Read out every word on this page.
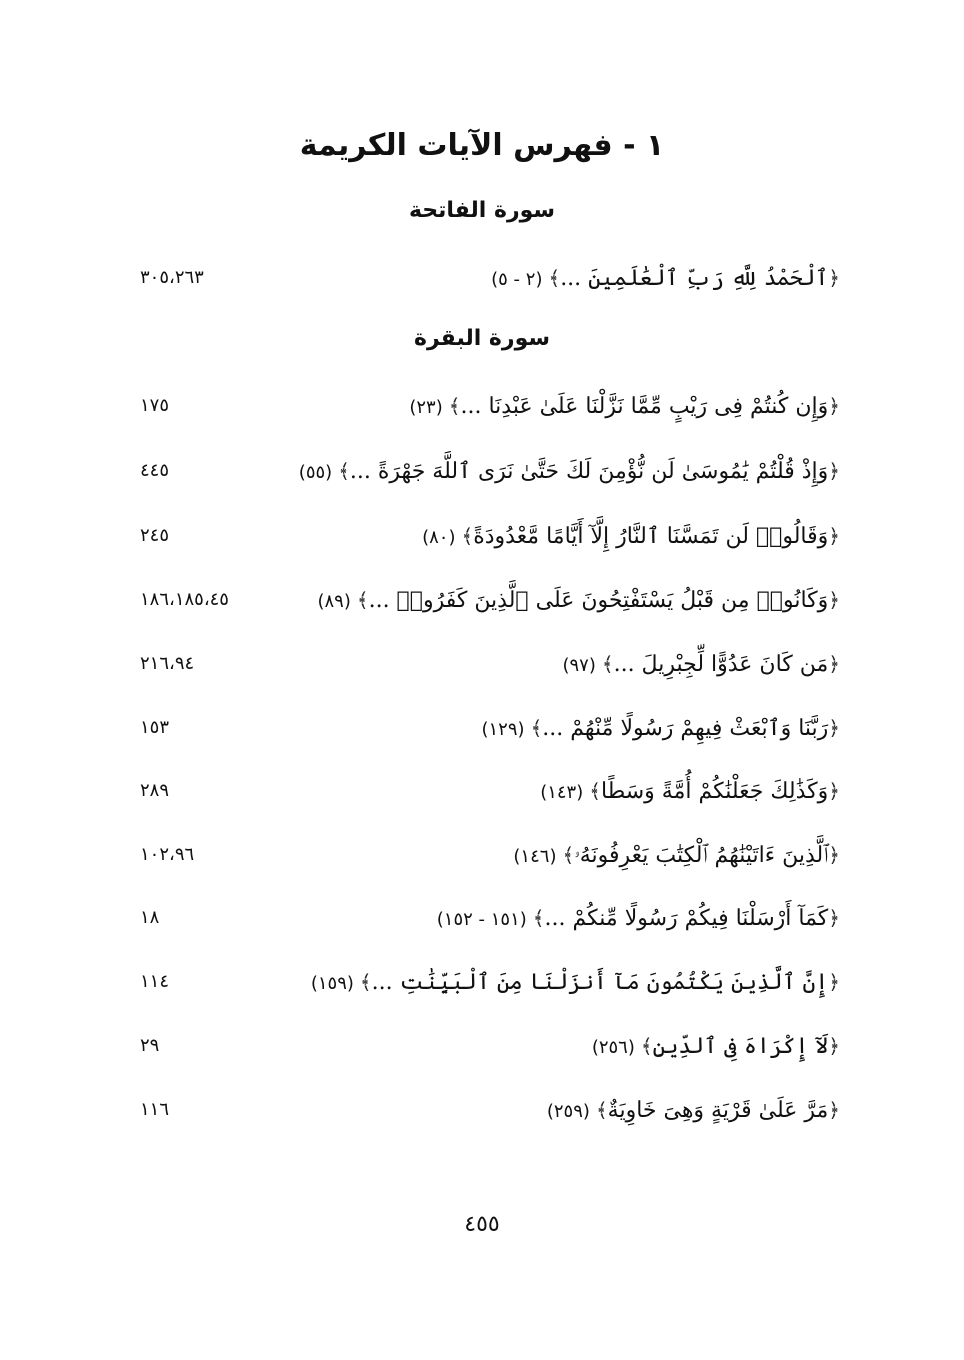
١ - فهرس الآيات الكريمة
سورة الفاتحة
﴿ٱلْحَمْدُ لِلَّهِ رَبِّ ٱلْعَٰلَمِينَ ...﴾(٢ - ٥)
٣٠٥،٢٦٣
سورة البقرة
﴿وَإِن كُنتُمْ فِى رَيْبٍ مِّمَّا نَزَّلْنَا عَلَىٰ عَبْدِنَا ...﴾(٢٣)
١٧٥
﴿وَإِذْ قُلْتُمْ يَٰمُوسَىٰ لَن نُّؤْمِنَ لَكَ حَتَّىٰ نَرَى ٱللَّهَ جَهْرَةً ...﴾(٥٥)
٤٤٥
﴿وَقَالُوا۟ لَن تَمَسَّنَا ٱلنَّارُ إِلَّآ أَيَّامًا مَّعْدُودَةً﴾(٨٠)
٢٤٥
﴿وَكَانُوا۟ مِن قَبْلُ يَسْتَفْتِحُونَ عَلَى ٱلَّذِينَ كَفَرُوا۟ ...﴾(٨٩)
١٨٦،١٨٥،٤٥
﴿مَن كَانَ عَدُوًّا لِّجِبْرِيلَ ...﴾(٩٧)
٢١٦،٩٤
﴿رَبَّنَا وَٱبْعَثْ فِيهِمْ رَسُولًا مِّنْهُمْ ...﴾(١٢٩)
١٥٣
﴿وَكَذَٰلِكَ جَعَلْنَٰكُمْ أُمَّةً وَسَطًا﴾(١٤٣)
٢٨٩
﴿ٱلَّذِينَ ءَاتَيْنَٰهُمُ ٱلْكِتَٰبَ يَعْرِفُونَهُۥ﴾(١٤٦)
١٠٢،٩٦
﴿كَمَآ أَرْسَلْنَا فِيكُمْ رَسُولًا مِّنكُمْ ...﴾(١٥١ - ١٥٢)
١٨
﴿إِنَّ ٱلَّذِينَ يَكْتُمُونَ مَآ أَنزَلْنَا مِنَ ٱلْبَيِّنَٰتِ ...﴾(١٥٩)
١١٤
﴿لَآ إِكْرَاهَ فِى ٱلدِّينِ﴾(٢٥٦)
٢٩
﴿مَرَّ عَلَىٰ قَرْيَةٍ وَهِىَ خَاوِيَةٌ﴾(٢٥٩)
١١٦
٤٥٥
